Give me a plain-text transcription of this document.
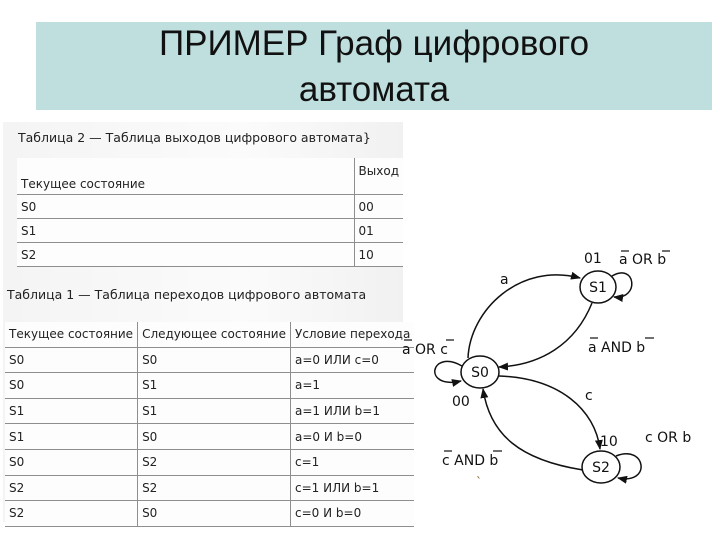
ПРИМЕР Граф цифрового
автомата
Таблица 2 — Таблица выходов цифрового автомата}
Текущее состояние	Выход
S0	00
S1	01
S2	10
Таблица 1 — Таблица переходов цифрового автомата
Текущее состояние	Следующее состояние	Условие перехода
S0	S0	a=0 ИЛИ c=0
S0	S1	a=1
S1	S1	a=1 ИЛИ b=1
S1	S0	a=0 И b=0
S0	S2	c=1
S2	S2	c=1 ИЛИ b=1
S2	S0	c=0 И b=0
S1
S0
S2
01
00
10
a
a OR b
a AND b
a OR c
c
c OR b
c AND b
`
